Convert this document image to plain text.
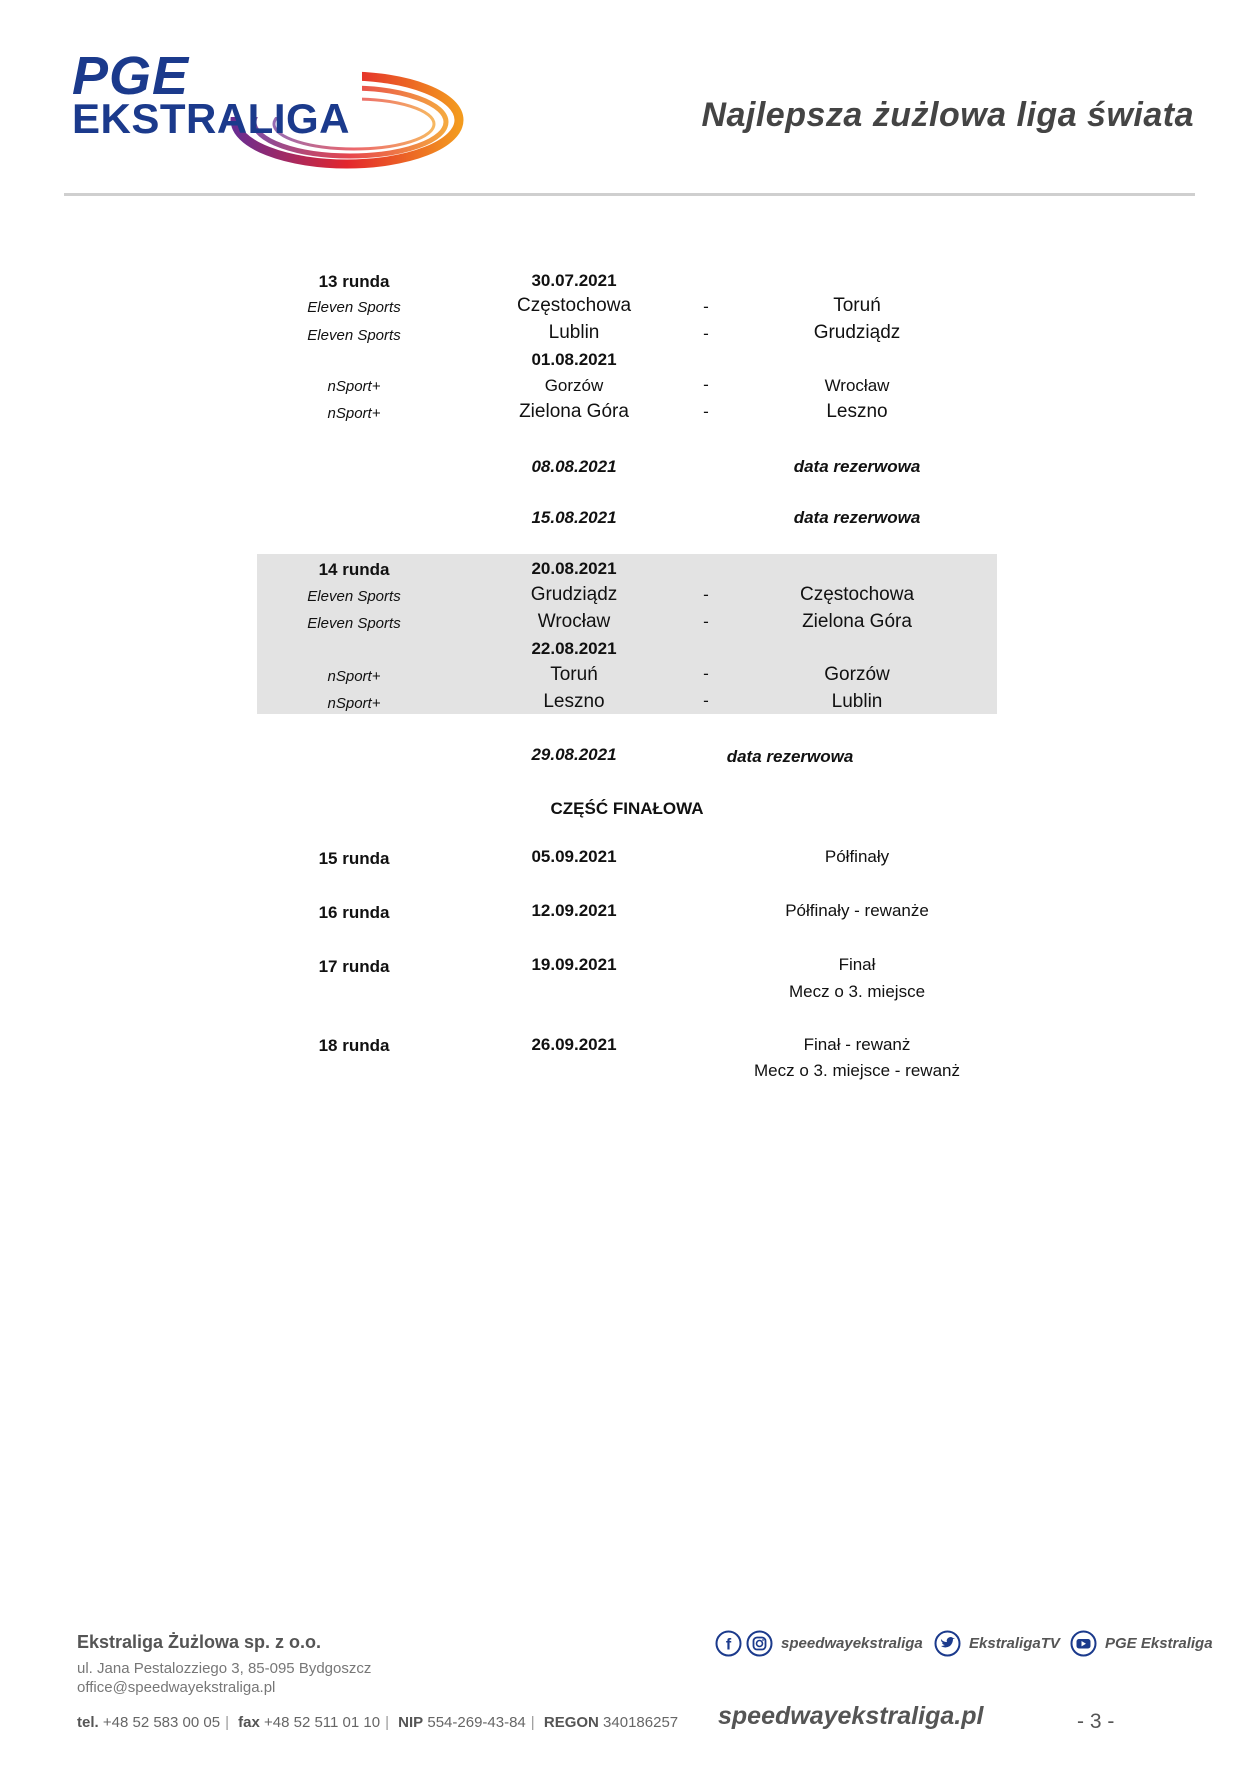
PGE
EKSTRALIGA	Najlepsza żużlowa liga świata
13 runda	30.07.2021
Eleven Sports	Częstochowa	-	Toruń
Eleven Sports	Lublin	-	Grudziądz
01.08.2021
nSport+	Gorzów	-	Wrocław
nSport+	Zielona Góra	-	Leszno
08.08.2021	data rezerwowa
15.08.2021	data rezerwowa
14 runda	20.08.2021
Eleven Sports	Grudziądz	-	Częstochowa
Eleven Sports	Wrocław	-	Zielona Góra
22.08.2021
nSport+	Toruń	-	Gorzów
nSport+	Leszno	-	Lublin
29.08.2021	data rezerwowa
CZĘŚĆ FINAŁOWA
15 runda	05.09.2021	Półfinały
16 runda	12.09.2021	Półfinały - rewanże
17 runda	19.09.2021	Finał
Mecz o 3. miejsce
18 runda	26.09.2021	Finał - rewanż
Mecz o 3. miejsce - rewanż
Ekstraliga Żużlowa sp. z o.o.
ul. Jana Pestalozziego 3, 85-095 Bydgoszcz
office@speedwayekstraliga.pl
tel. +48 52 583 00 05 | fax +48 52 511 01 10 | NIP 554-269-43-84 | REGON 340186257
f	speedwayekstraliga	EkstraligaTV	PGE Ekstraliga
speedwayekstraliga.pl	- 3 -
